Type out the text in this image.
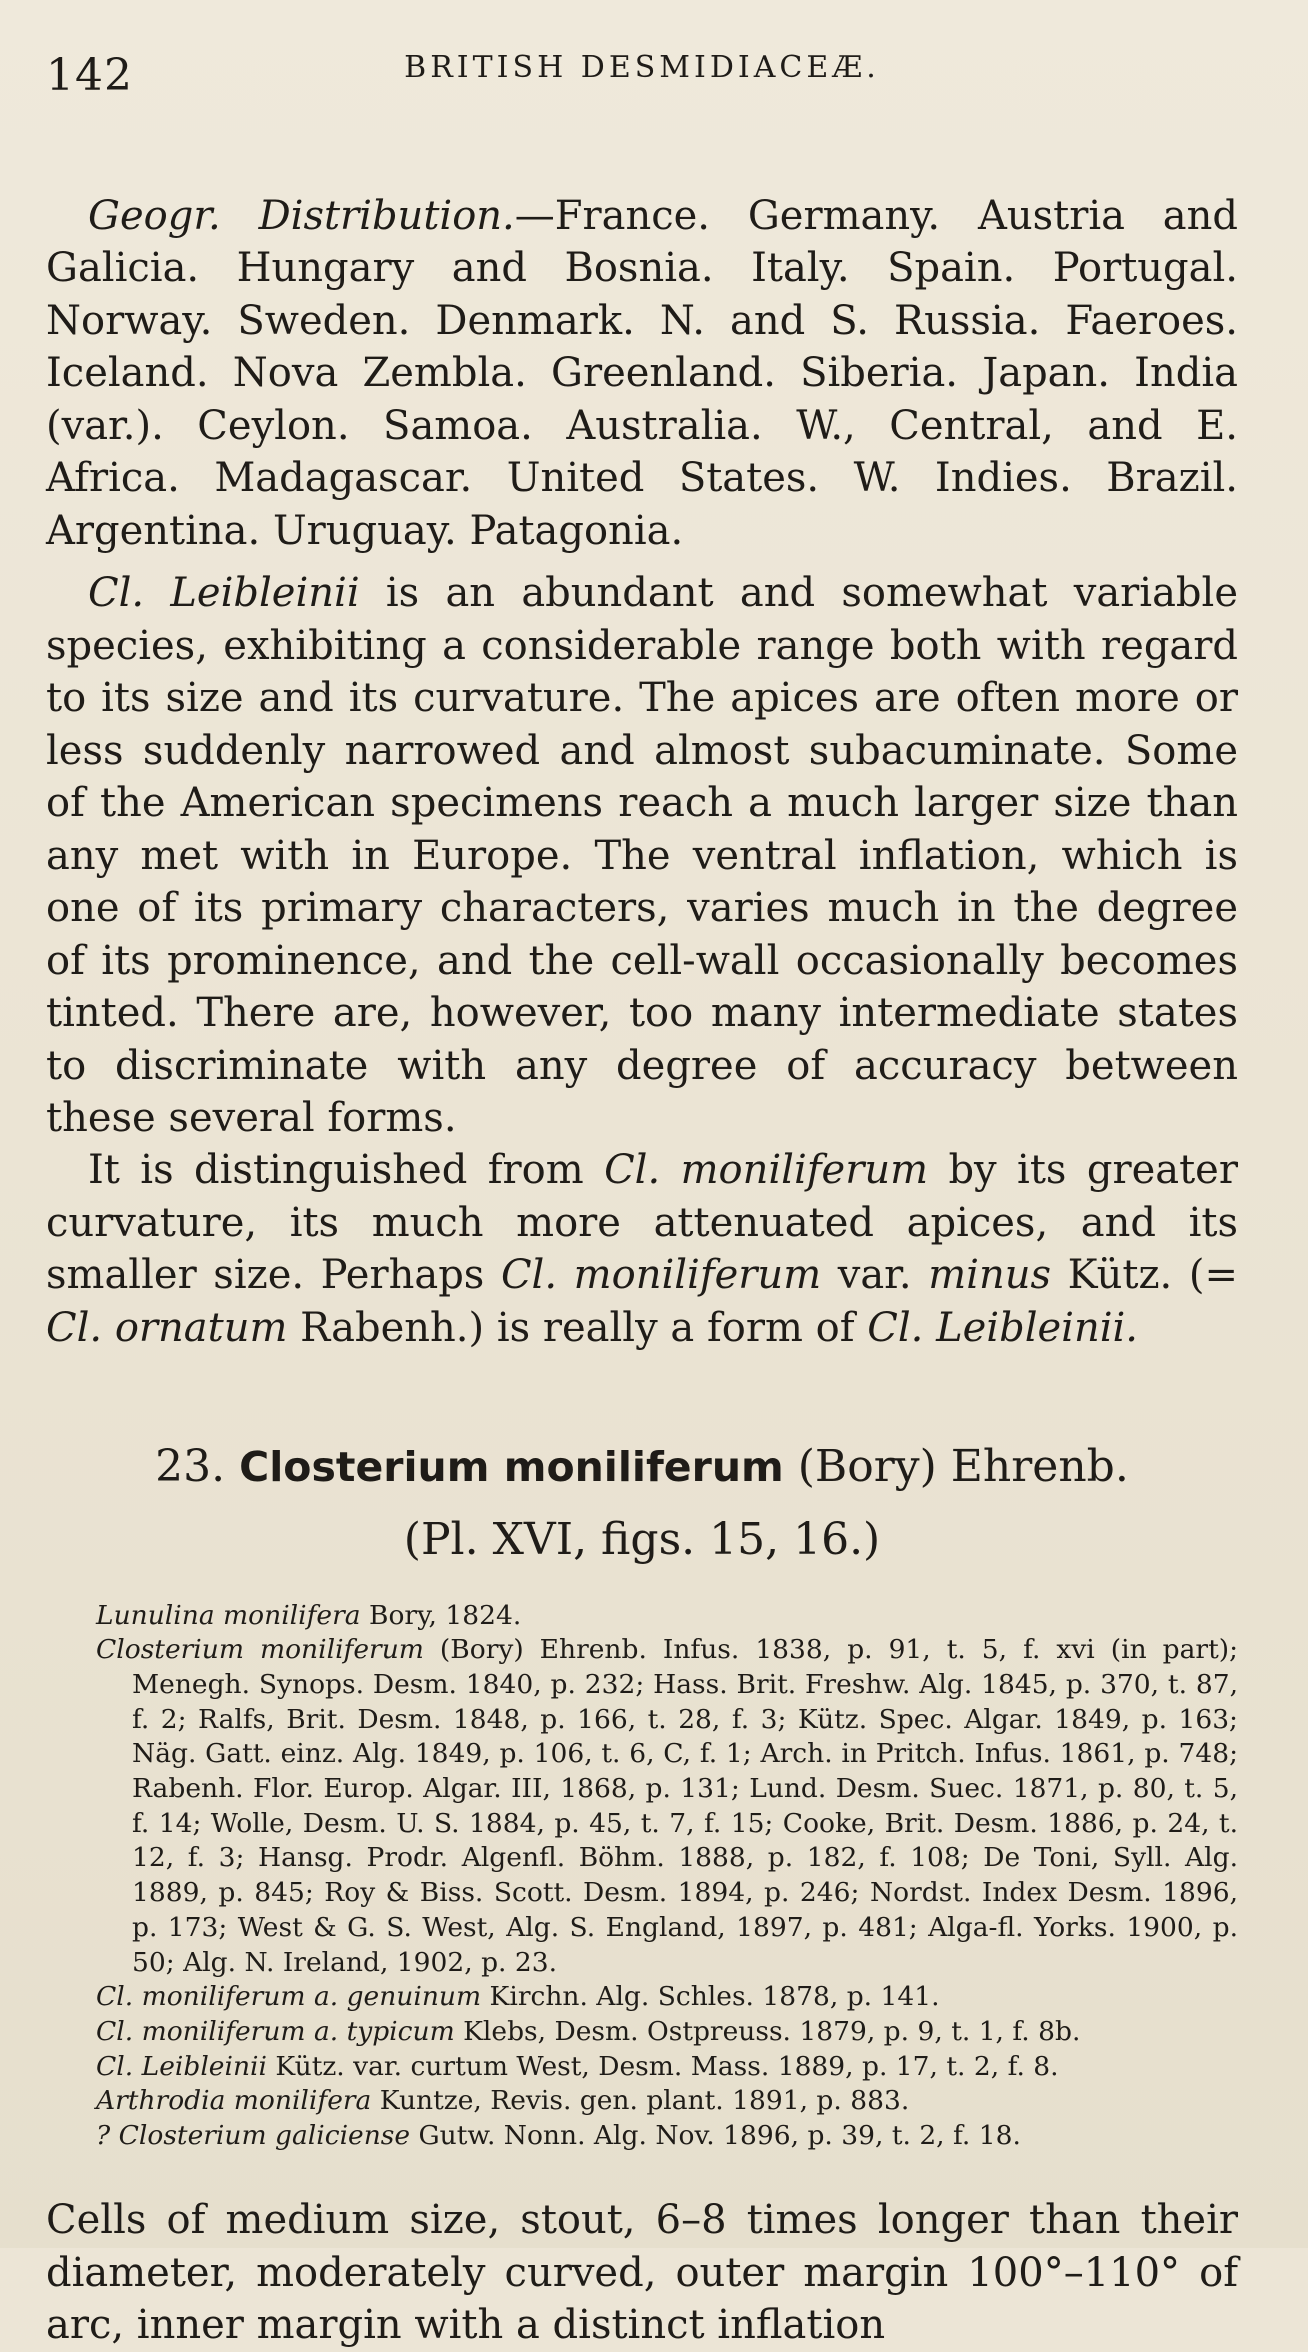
142	BRITISH DESMIDIACEÆ.

Geogr. Distribution.—France. Germany. Austria and Galicia. Hungary and Bosnia. Italy. Spain. Portugal. Norway. Sweden. Denmark. N. and S. Russia. Faeroes. Iceland. Nova Zembla. Greenland. Siberia. Japan. India (var.). Ceylon. Samoa. Australia. W., Central, and E. Africa. Madagascar. United States. W. Indies. Brazil. Argentina. Uruguay. Patagonia.

Cl. Leibleinii is an abundant and somewhat variable species, exhibiting a considerable range both with regard to its size and its curvature. The apices are often more or less suddenly narrowed and almost subacuminate. Some of the American specimens reach a much larger size than any met with in Europe. The ventral inflation, which is one of its primary characters, varies much in the degree of its prominence, and the cell-wall occasionally becomes tinted. There are, however, too many intermediate states to discriminate with any degree of accuracy between these several forms.

It is distinguished from Cl. moniliferum by its greater curvature, its much more attenuated apices, and its smaller size. Perhaps Cl. moniliferum var. minus Kütz. (= Cl. ornatum Rabenh.) is really a form of Cl. Leibleinii.

23. Closterium moniliferum (Bory) Ehrenb.
(Pl. XVI, figs. 15, 16.)
Lunulina monilifera Bory, 1824.
Closterium moniliferum (Bory) Ehrenb. Infus. 1838, p. 91, t. 5, f. xvi (in part); Menegh. Synops. Desm. 1840, p. 232; Hass. Brit. Freshw. Alg. 1845, p. 370, t. 87, f. 2; Ralfs, Brit. Desm. 1848, p. 166, t. 28, f. 3; Kütz. Spec. Algar. 1849, p. 163; Näg. Gatt. einz. Alg. 1849, p. 106, t. 6, C, f. 1; Arch. in Pritch. Infus. 1861, p. 748; Rabenh. Flor. Europ. Algar. III, 1868, p. 131; Lund. Desm. Suec. 1871, p. 80, t. 5, f. 14; Wolle, Desm. U. S. 1884, p. 45, t. 7, f. 15; Cooke, Brit. Desm. 1886, p. 24, t. 12, f. 3; Hansg. Prodr. Algenfl. Böhm. 1888, p. 182, f. 108; De Toni, Syll. Alg. 1889, p. 845; Roy & Biss. Scott. Desm. 1894, p. 246; Nordst. Index Desm. 1896, p. 173; West & G. S. West, Alg. S. England, 1897, p. 481; Alga-fl. Yorks. 1900, p. 50; Alg. N. Ireland, 1902, p. 23.
Cl. moniliferum a. genuinum Kirchn. Alg. Schles. 1878, p. 141.
Cl. moniliferum a. typicum Klebs, Desm. Ostpreuss. 1879, p. 9, t. 1, f. 8b.
Cl. Leibleinii Kütz. var. curtum West, Desm. Mass. 1889, p. 17, t. 2, f. 8.
Arthrodia monilifera Kuntze, Revis. gen. plant. 1891, p. 883.
? Closterium galiciense Gutw. Nonn. Alg. Nov. 1896, p. 39, t. 2, f. 18.

Cells of medium size, stout, 6–8 times longer than their diameter, moderately curved, outer margin 100°–110° of arc, inner margin with a distinct inflation
